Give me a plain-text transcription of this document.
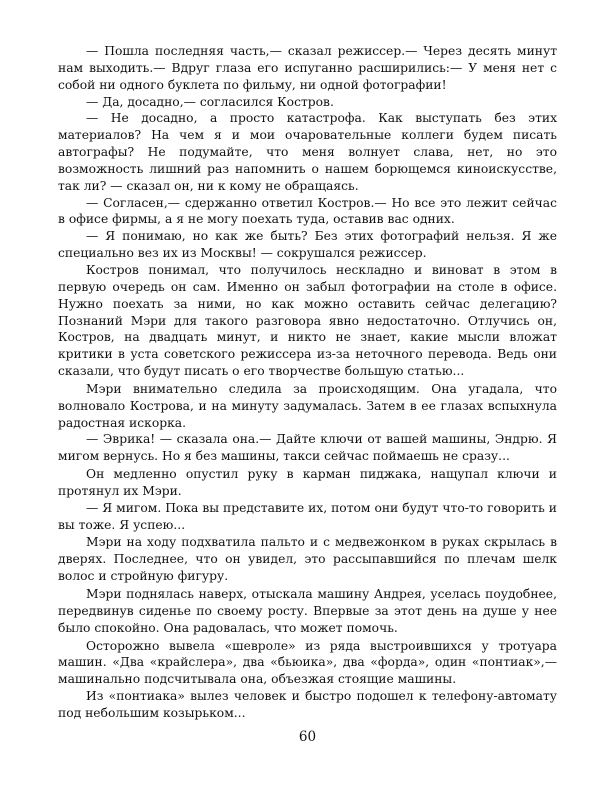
— Пошла последняя часть,— сказал режиссер.— Через десять минут нам выходить.— Вдруг глаза его испуганно расширились:— У меня нет с собой ни одного буклета по фильму, ни одной фотографии!

— Да, досадно,— согласился Костров.

— Не досадно, а просто катастрофа. Как выступать без этих материалов? На чем я и мои очаровательные коллеги будем писать автографы? Не подумайте, что меня волнует слава, нет, но это возможность лишний раз напомнить о нашем борющемся киноискусстве, так ли? — сказал он, ни к кому не обращаясь.

— Согласен,— сдержанно ответил Костров.— Но все это лежит сейчас в офисе фирмы, а я не могу поехать туда, оставив вас одних.

— Я понимаю, но как же быть? Без этих фотографий нельзя. Я же специально вез их из Москвы! — сокрушался режиссер.

Костров понимал, что получилось нескладно и виноват в этом в первую очередь он сам. Именно он забыл фотографии на столе в офисе. Нужно поехать за ними, но как можно оставить сейчас делегацию? Познаний Мэри для такого разговора явно недостаточно. Отлучись он, Костров, на двадцать минут, и никто не знает, какие мысли вложат критики в уста советского режиссера из-за неточного перевода. Ведь они сказали, что будут писать о его творчестве большую статью...

Мэри внимательно следила за происходящим. Она угадала, что волновало Кострова, и на минуту задумалась. Затем в ее глазах вспыхнула радостная искорка.

— Эврика! — сказала она.— Дайте ключи от вашей машины, Эндрю. Я мигом вернусь. Но я без машины, такси сейчас поймаешь не сразу...

Он медленно опустил руку в карман пиджака, нащупал ключи и протянул их Мэри.

— Я мигом. Пока вы представите их, потом они будут что-то говорить и вы тоже. Я успею...

Мэри на ходу подхватила пальто и с медвежонком в руках скрылась в дверях. Последнее, что он увидел, это рассыпавшийся по плечам шелк волос и стройную фигуру.

Мэри поднялась наверх, отыскала машину Андрея, уселась поудобнее, передвинув сиденье по своему росту. Впервые за этот день на душе у нее было спокойно. Она радовалась, что может помочь.

Осторожно вывела «шевроле» из ряда выстроившихся у тротуара машин. «Два «крайслера», два «бьюика», два «форда», один «понтиак»,— машинально подсчитывала она, объезжая стоящие машины.

Из «понтиака» вылез человек и быстро подошел к телефону-автомату под небольшим козырьком...

60
